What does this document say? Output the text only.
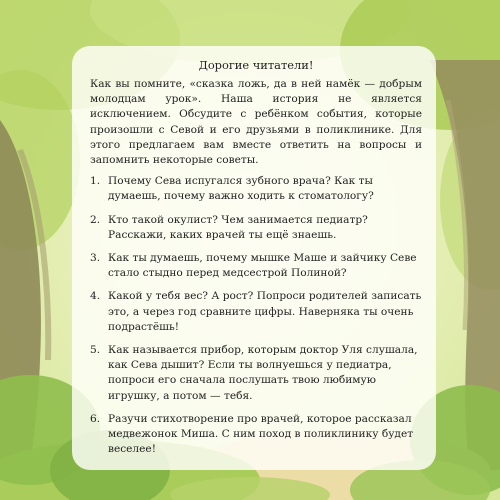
Дорогие читатели!
Как вы помните, «сказка ложь, да в ней намёк — добрым молодцам урок». Наша история не является исключением. Обсудите с ребёнком события, которые произошли с Севой и его друзьями в поликлинике. Для этого предлагаем вам вместе ответить на вопросы и запомнить некоторые советы.
1. Почему Сева испугался зубного врача? Как ты думаешь, почему важно ходить к стоматологу?
2. Кто такой окулист? Чем занимается педиатр? Расскажи, каких врачей ты ещё знаешь.
3. Как ты думаешь, почему мышке Маше и зайчику Севе стало стыдно перед медсестрой Полиной?
4. Какой у тебя вес? А рост? Попроси родителей записать это, а через год сравните цифры. Наверняка ты очень подрастёшь!
5. Как называется прибор, которым доктор Уля слушала, как Сева дышит? Если ты волнуешься у педиатра, попроси его сначала послушать твою любимую игрушку, а потом — тебя.
6. Разучи стихотворение про врачей, которое рассказал медвежонок Миша. С ним поход в поликлинику будет веселее!
